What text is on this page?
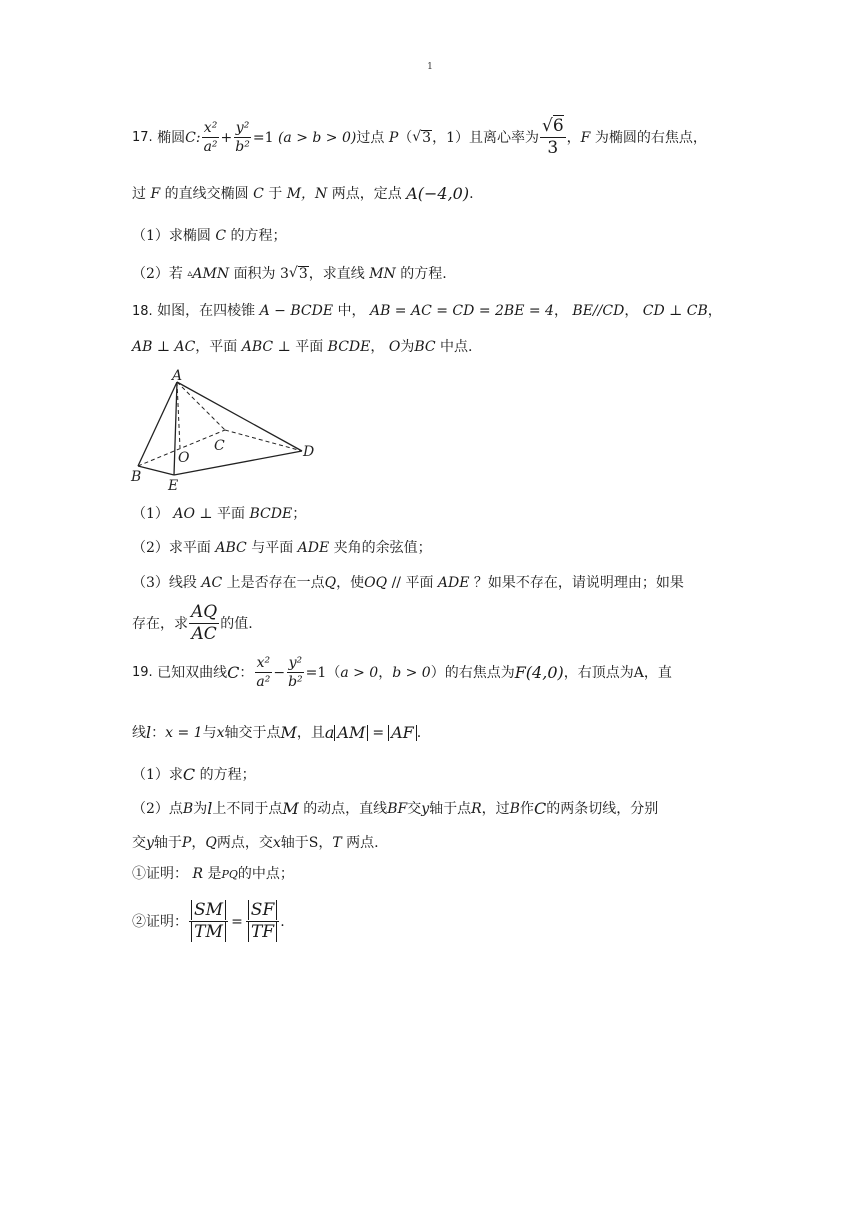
1
17.
椭圆 C: $\frac{\text{x²}}{\text{a²}} + \frac{\text{y²}}{\text{b²}} =1$
(a > b > 0) 过点
P （ √ 3 ，1）且离心率为 $\frac{√6}{3}$ ， F
为椭圆的右焦点，
过
F
的直线交椭圆
C
于
M，N
两点，定点
A(−4,0) .
（1）求椭圆
C
的方程；
（2）若
▵ AMN
面积为 3 √ 3 ，求直线
MN
的方程.
18.
如图，在四棱锥
A − BCDE
中，
AB = AC = CD = 2BE = 4 ，
BE//CD ，
CD ⊥ CB ，
AB ⊥ AC ，平面
ABC
⊥ 平面
BCDE ，
O 为 BC
中点.
A
B
C	D
E
O
（1）
AO
⊥ 平面
BCDE ；
（2）求平面
ABC
与平面
ADE
夹角的余弦值；
（3）线段
AC
上是否存在一点 Q ，使 OQ
// 平面
ADE
？如果不存在，请说明理由；如果
存在，求 $\frac{AQ}{AC}$ 的值.
19.
已知双曲线 C ： $\frac{\text{x²}}{\text{a²}} - \frac{\text{y²}}{\text{b²}} =1$ （ a > 0 ， b > 0 ）的右焦点为 F(4,0) ，右顶点为A，直
线 l ： x = 1 与 x 轴交于点 M ，且 a AM = AF .
（1）求 C
的方程；
（2）点 B 为 l 上不同于点 M
的动点，直线 BF 交 y 轴于点 R ，过 B 作 C 的两条切线，分别
交 y 轴于 P ， Q 两点，交 x 轴于S， T
两点.
①证明：
R
是 PQ 的中点；
②证明： $\frac{SM}{TM} = \frac{SF}{TF}$ .
